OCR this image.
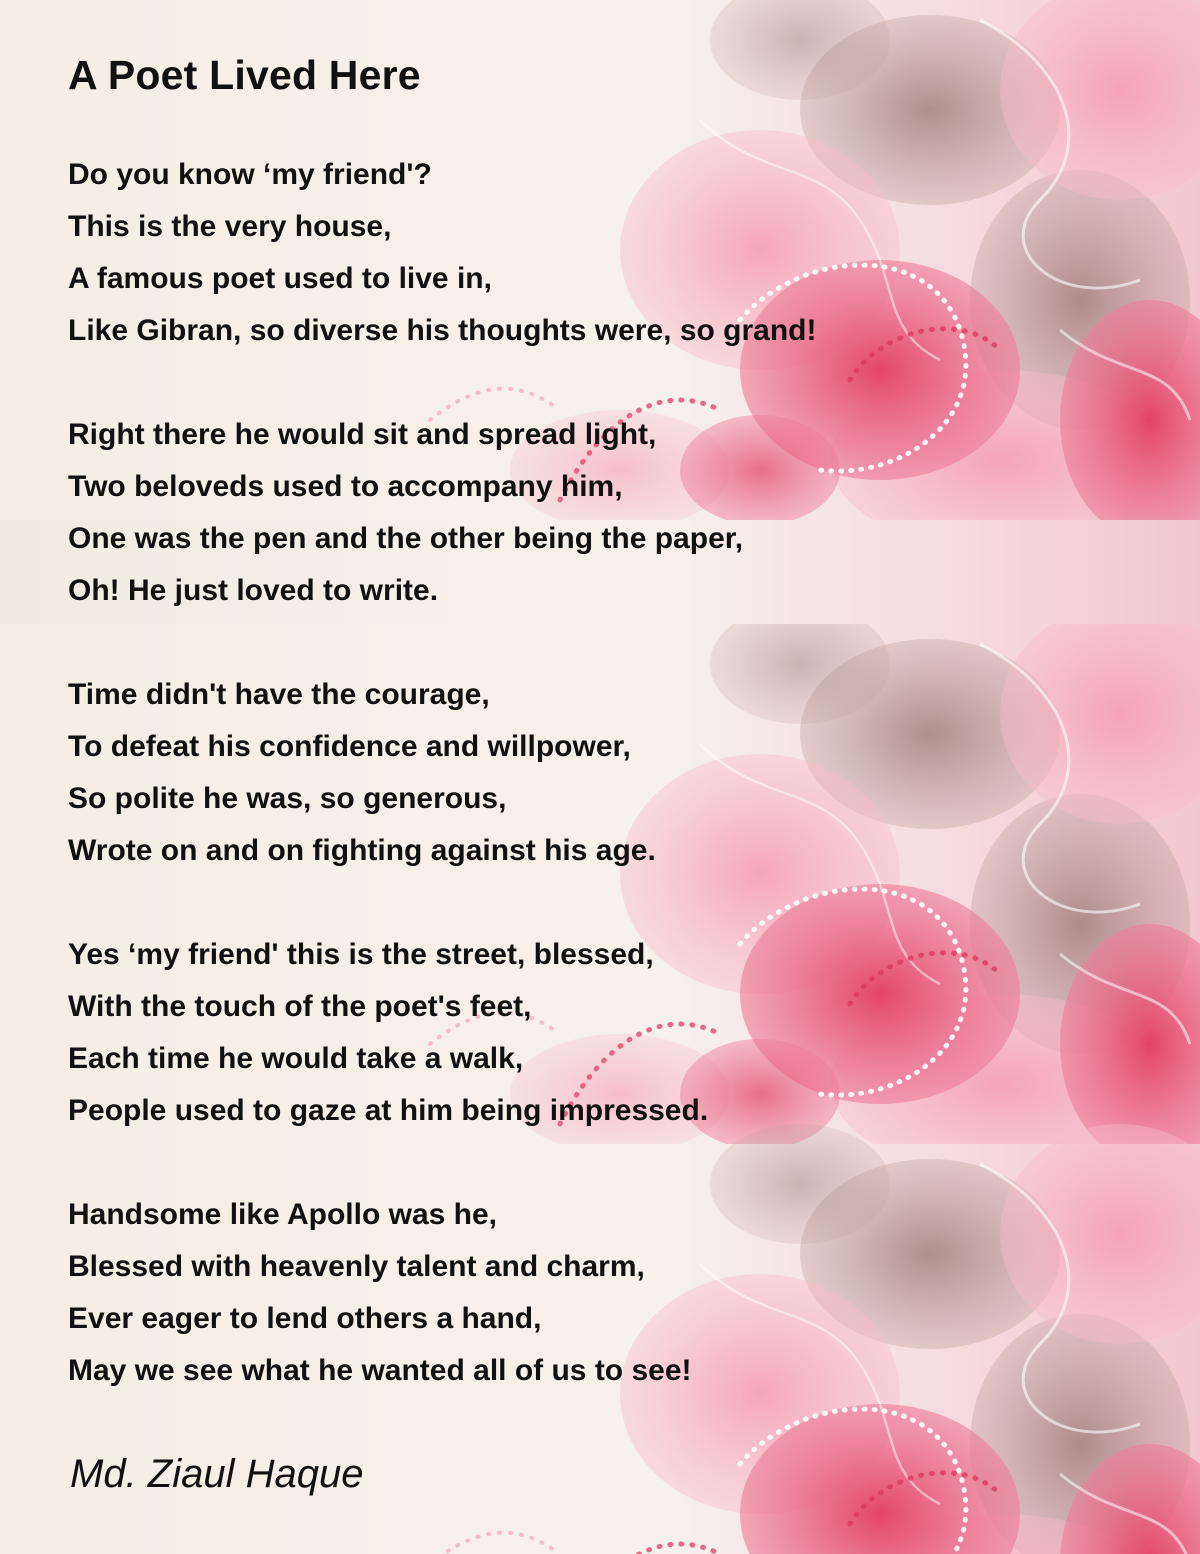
A Poet Lived Here
Do you know ‘my friend'?
This is the very house,
A famous poet used to live in,
Like Gibran, so diverse his thoughts were, so grand!
Right there he would sit and spread light,
Two beloveds used to accompany him,
One was the pen and the other being the paper,
Oh! He just loved to write.
Time didn't have the courage,
To defeat his confidence and willpower,
So polite he was, so generous,
Wrote on and on fighting against his age.
Yes ‘my friend' this is the street, blessed,
With the touch of the poet's feet,
Each time he would take a walk,
People used to gaze at him being impressed.
Handsome like Apollo was he,
Blessed with heavenly talent and charm,
Ever eager to lend others a hand,
May we see what he wanted all of us to see!

Md. Ziaul Haque
